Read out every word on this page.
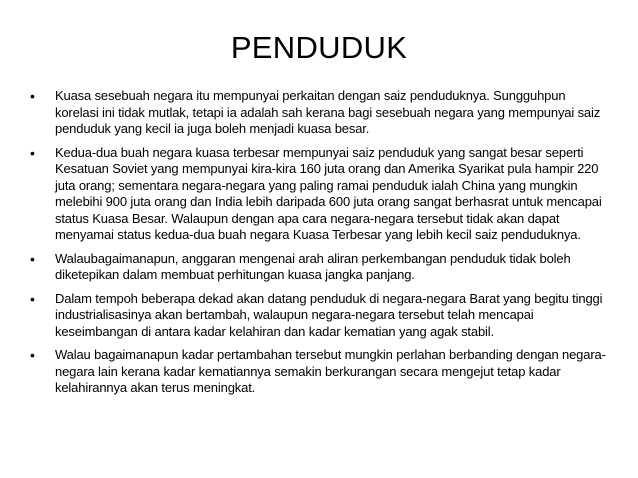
PENDUDUK
•	Kuasa sesebuah negara itu mempunyai perkaitan dengan saiz penduduknya. Sungguhpun korelasi ini tidak mutlak, tetapi ia adalah sah kerana bagi sesebuah negara yang mempunyai saiz penduduk yang kecil ia juga boleh menjadi kuasa besar.
•	Kedua-dua buah negara kuasa terbesar mempunyai saiz penduduk yang sangat besar seperti Kesatuan Soviet yang mempunyai kira-kira 160 juta orang dan Amerika Syarikat pula hampir 220 juta orang; sementara negara-negara yang paling ramai penduduk ialah China yang mungkin melebihi 900 juta orang dan India lebih daripada 600 juta orang sangat berhasrat untuk mencapai status Kuasa Besar. Walaupun dengan apa cara negara-negara tersebut tidak akan dapat menyamai status kedua-dua buah negara Kuasa Terbesar yang lebih kecil saiz penduduknya.
•	Walaubagaimanapun, anggaran mengenai arah aliran perkembangan penduduk tidak boleh diketepikan dalam membuat perhitungan kuasa jangka panjang.
•	Dalam tempoh beberapa dekad akan datang penduduk di negara-negara Barat yang begitu tinggi industrialisasinya akan bertambah, walaupun negara-negara tersebut telah mencapai keseimbangan di antara kadar kelahiran dan kadar kematian yang agak stabil.
•	Walau bagaimanapun kadar pertambahan tersebut mungkin perlahan berbanding dengan negara-negara lain kerana kadar kematiannya semakin berkurangan secara mengejut tetap kadar kelahirannya akan terus meningkat.
